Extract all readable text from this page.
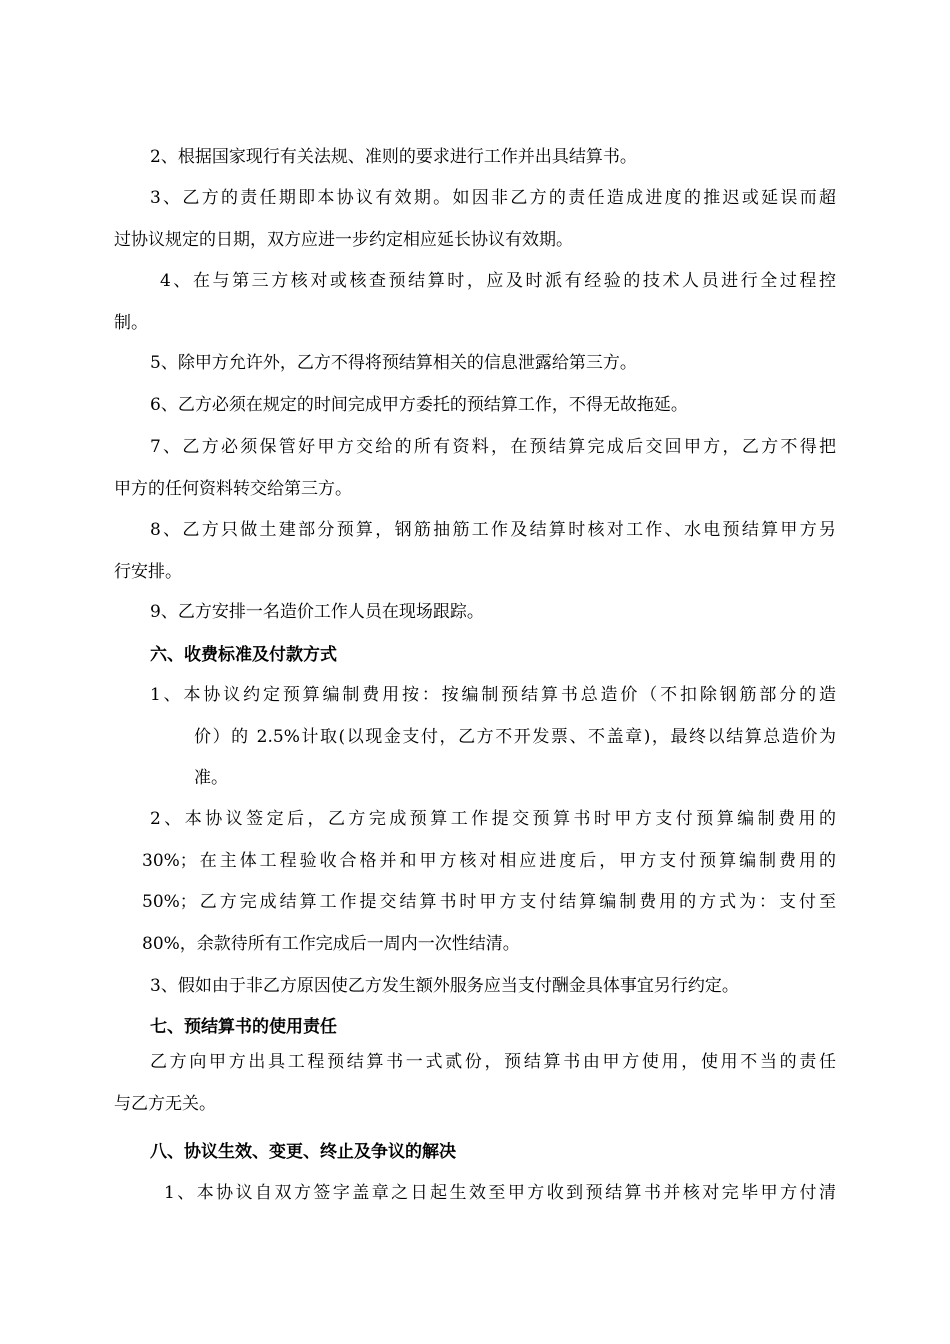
2、根据国家现行有关法规、准则的要求进行工作并出具结算书。
3、乙方的责任期即本协议有效期。如因非乙方的责任造成进度的推迟或延误而超
过协议规定的日期，双方应进一步约定相应延长协议有效期。
4、在与第三方核对或核查预结算时，应及时派有经验的技术人员进行全过程控
制。
5、除甲方允许外，乙方不得将预结算相关的信息泄露给第三方。
6、乙方必须在规定的时间完成甲方委托的预结算工作，不得无故拖延。
7、乙方必须保管好甲方交给的所有资料，在预结算完成后交回甲方，乙方不得把
甲方的任何资料转交给第三方。
8、乙方只做土建部分预算，钢筋抽筋工作及结算时核对工作、水电预结算甲方另
行安排。
9、乙方安排一名造价工作人员在现场跟踪。
六、收费标准及付款方式
1、本协议约定预算编制费用按：按编制预结算书总造价（不扣除钢筋部分的造
价）的 2.5%计取(以现金支付，乙方不开发票、不盖章)，最终以结算总造价为
准。
2、本协议签定后，乙方完成预算工作提交预算书时甲方支付预算编制费用的
30%；在主体工程验收合格并和甲方核对相应进度后，甲方支付预算编制费用的
50%；乙方完成结算工作提交结算书时甲方支付结算编制费用的方式为：支付至
80%，余款待所有工作完成后一周内一次性结清。
3、假如由于非乙方原因使乙方发生额外服务应当支付酬金具体事宜另行约定。
七、预结算书的使用责任
乙方向甲方出具工程预结算书一式贰份，预结算书由甲方使用，使用不当的责任
与乙方无关。
八、协议生效、变更、终止及争议的解决
1、本协议自双方签字盖章之日起生效至甲方收到预结算书并核对完毕甲方付清
